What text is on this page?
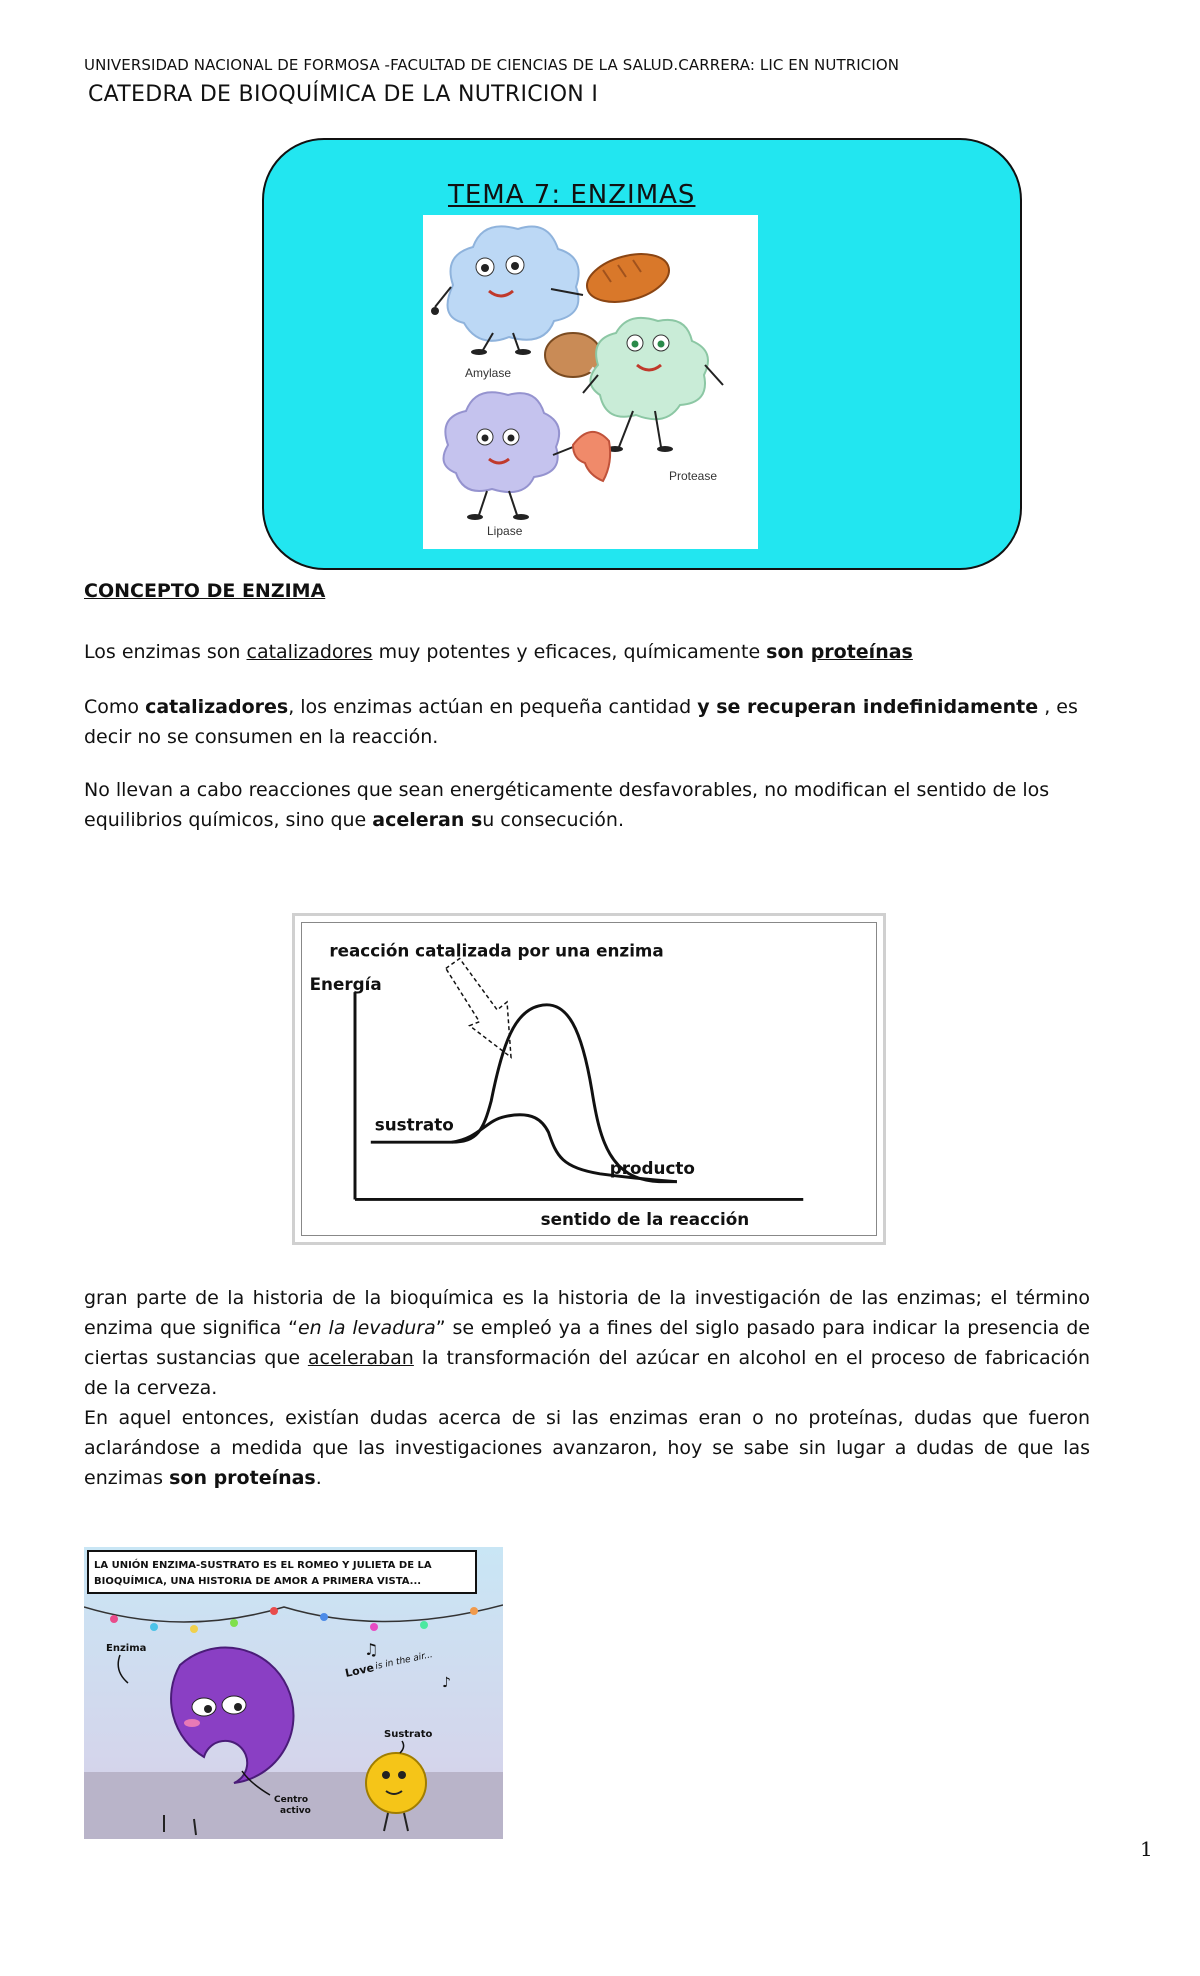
UNIVERSIDAD NACIONAL DE FORMOSA -FACULTAD DE CIENCIAS DE LA SALUD.CARRERA: LIC EN NUTRICION
CATEDRA DE BIOQUÍMICA DE LA NUTRICION I
TEMA 7: ENZIMAS
Amylase
Protease
Lipase
CONCEPTO DE ENZIMA
Los enzimas son catalizadores muy potentes y eficaces, químicamente son proteínas
Como catalizadores, los enzimas actúan en pequeña cantidad y se recuperan indefinidamente , es decir no se consumen en la reacción.
No llevan a cabo reacciones que sean energéticamente desfavorables, no modifican el sentido de los equilibrios químicos, sino que aceleran su consecución.
reacción catalizada por una enzima
Energía
sustrato
producto
sentido de la reacción
gran parte de la historia de la bioquímica es la historia de la investigación de las enzimas; el término enzima que significa “en la levadura” se empleó ya a fines del siglo pasado para indicar la presencia de ciertas sustancias que aceleraban la transformación del azúcar en alcohol en el proceso de fabricación de la cerveza.
En aquel entonces, existían dudas acerca de si las enzimas eran o no proteínas, dudas que fueron aclarándose a medida que las investigaciones avanzaron, hoy se sabe sin lugar a dudas de que las enzimas son proteínas.
LA UNIÓN ENZIMA-SUSTRATO ES EL ROMEO Y JULIETA DE LA
BIOQUÍMICA, UNA HISTORIA DE AMOR A PRIMERA VISTA...
Enzima
Sustrato
Centro
activo
Love is in the air...
♫
♪
1
